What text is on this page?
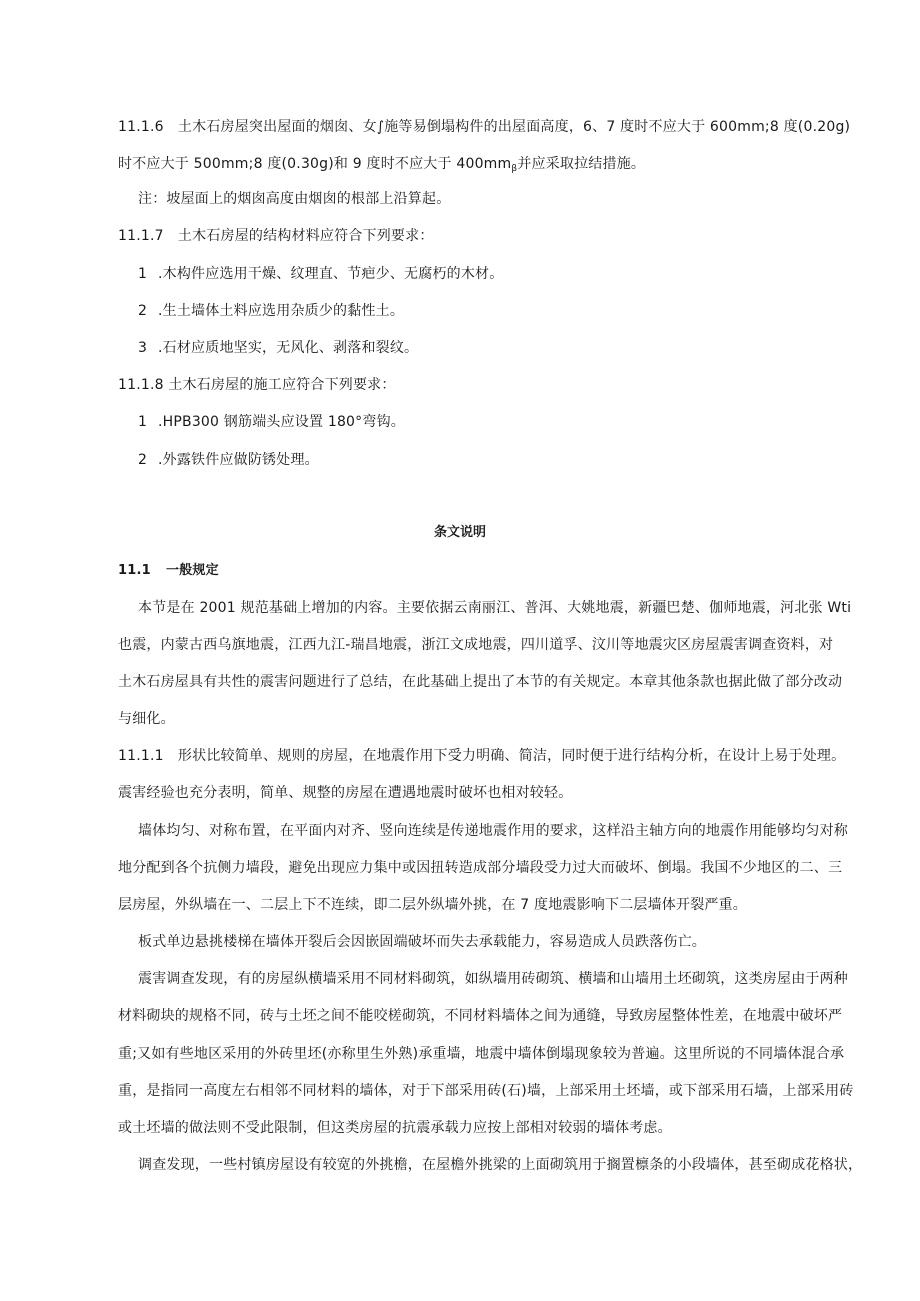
11.1.6　土木石房屋突出屋面的烟囱、女∫施等易倒塌构件的出屋面高度，6、7 度时不应大于 600mm;8 度(0.20g)
时不应大于 500mm;8 度(0.30g)和 9 度时不应大于 $400mm_\beta$并应采取拉结措施。
注：坡屋面上的烟囱高度由烟囱的根部上沿算起。
11.1.7　土木石房屋的结构材料应符合下列要求：
1 .木构件应选用干燥、纹理直、节疤少、无腐朽的木材。
2 .生土墙体土料应选用杂质少的黏性土。
3 .石材应质地坚实，无风化、剥落和裂纹。
11.1.8 土木石房屋的施工应符合下列要求：
1 .HPB300 钢筋端头应设置 180°弯钩。
2 .外露铁件应做防锈处理。
条文说明
11.1 一般规定
本节是在 2001 规范基础上增加的内容。主要依据云南丽江、普洱、大姚地震，新疆巴楚、伽师地震，河北张 Wti
也震，内蒙古西乌旗地震，江西九江-瑞昌地震，浙江文成地震，四川道孚、汶川等地震灾区房屋震害调查资料，对
土木石房屋具有共性的震害问题进行了总结，在此基础上提出了本节的有关规定。本章其他条款也据此做了部分改动
与细化。
11.1.1　形状比较简单、规则的房屋，在地震作用下受力明确、简洁，同时便于进行结构分析，在设计上易于处理。
震害经验也充分表明，简单、规整的房屋在遭遇地震时破坏也相对较轻。
墙体均匀、对称布置，在平面内对齐、竖向连续是传递地震作用的要求，这样沿主轴方向的地震作用能够均匀对称
地分配到各个抗侧力墙段，避免出现应力集中或因扭转造成部分墙段受力过大而破坏、倒塌。我国不少地区的二、三
层房屋，外纵墙在一、二层上下不连续，即二层外纵墙外挑，在 7 度地震影响下二层墙体开裂严重。
板式单边悬挑楼梯在墙体开裂后会因嵌固端破坏而失去承载能力，容易造成人员跌落伤亡。
震害调查发现，有的房屋纵横墙采用不同材料砌筑，如纵墙用砖砌筑、横墙和山墙用土坯砌筑，这类房屋由于两种
材料砌块的规格不同，砖与土坯之间不能咬槎砌筑，不同材料墙体之间为通缝，导致房屋整体性差，在地震中破坏严
重;又如有些地区采用的外砖里坯(亦称里生外熟)承重墙，地震中墙体倒塌现象较为普遍。这里所说的不同墙体混合承
重，是指同一高度左右相邻不同材料的墙体，对于下部采用砖(石)墙，上部采用土坯墙，或下部采用石墙，上部采用砖
或土坯墙的做法则不受此限制，但这类房屋的抗震承载力应按上部相对较弱的墙体考虑。
调查发现，一些村镇房屋设有较宽的外挑檐，在屋檐外挑梁的上面砌筑用于搁置檩条的小段墙体，甚至砌成花格状，
